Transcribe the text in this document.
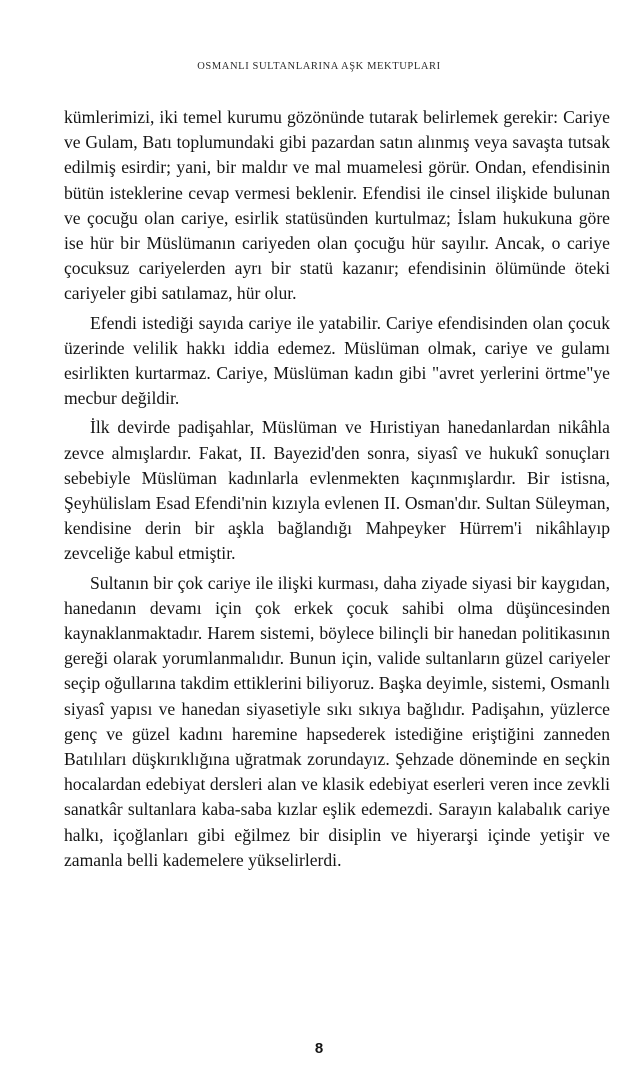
OSMANLI SULTANLARINA AŞK MEKTUPLARI

kümlerimizi, iki temel kurumu gözönünde tutarak belirlemek gerekir: Cariye ve Gulam, Batı toplumundaki gibi pazardan satın alınmış veya savaşta tutsak edilmiş esirdir; yani, bir maldır ve mal muamelesi görür. Ondan, efendisinin bütün isteklerine cevap vermesi beklenir. Efendisi ile cinsel ilişkide bulunan ve çocuğu olan cariye, esirlik statüsünden kurtulmaz; İslam hukukuna göre ise hür bir Müslümanın cariyeden olan çocuğu hür sayılır. Ancak, o cariye çocuksuz cariyelerden ayrı bir statü kazanır; efendisinin ölümünde öteki cariyeler gibi satılamaz, hür olur.

Efendi istediği sayıda cariye ile yatabilir. Cariye efendisinden olan çocuk üzerinde velilik hakkı iddia edemez. Müslüman olmak, cariye ve gulamı esirlikten kurtarmaz. Cariye, Müslüman kadın gibi "avret yerlerini örtme"ye mecbur değildir.

İlk devirde padişahlar, Müslüman ve Hıristiyan hanedanlardan nikâhla zevce almışlardır. Fakat, II. Bayezid'den sonra, siyasî ve hukukî sonuçları sebebiyle Müslüman kadınlarla evlenmekten kaçınmışlardır. Bir istisna, Şeyhülislam Esad Efendi'nin kızıyla evlenen II. Osman'dır. Sultan Süleyman, kendisine derin bir aşkla bağlandığı Mahpeyker Hürrem'i nikâhlayıp zevceliğe kabul etmiştir.

Sultanın bir çok cariye ile ilişki kurması, daha ziyade siyasi bir kaygıdan, hanedanın devamı için çok erkek çocuk sahibi olma düşüncesinden kaynaklanmaktadır. Harem sistemi, böylece bilinçli bir hanedan politikasının gereği olarak yorumlanmalıdır. Bunun için, valide sultanların güzel cariyeler seçip oğullarına takdim ettiklerini biliyoruz. Başka deyimle, sistemi, Osmanlı siyasî yapısı ve hanedan siyasetiyle sıkı sıkıya bağlıdır. Padişahın, yüzlerce genç ve güzel kadını haremine hapsederek istediğine eriştiğini zanneden Batılıları düşkırıklığına uğratmak zorundayız. Şehzade döneminde en seçkin hocalardan edebiyat dersleri alan ve klasik edebiyat eserleri veren ince zevkli sanatkâr sultanlara kaba-saba kızlar eşlik edemezdi. Sarayın kalabalık cariye halkı, içoğlanları gibi eğilmez bir disiplin ve hiyerarşi içinde yetişir ve zamanla belli kademelere yükselirlerdi.

8
